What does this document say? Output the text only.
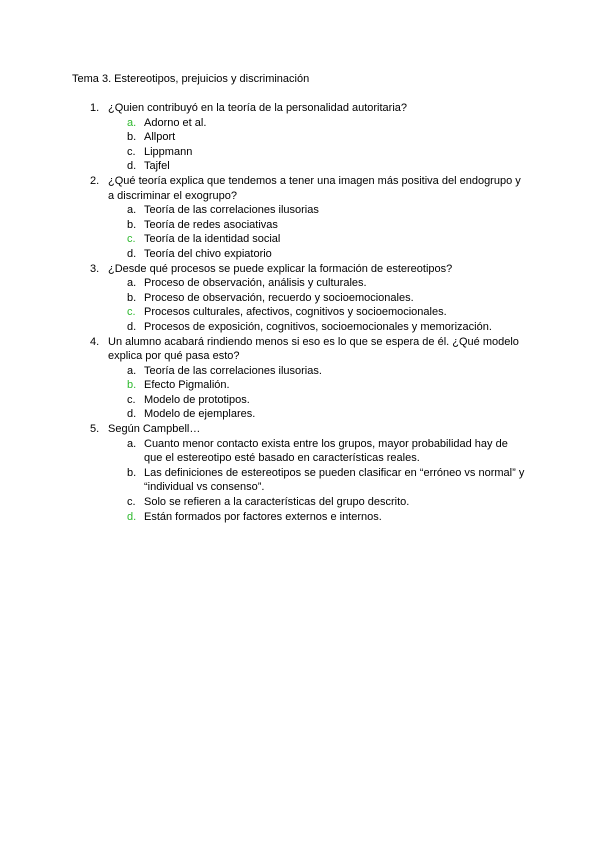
Tema 3. Estereotipos, prejuicios y discriminación
1. ¿Quien contribuyó en la teoría de la personalidad autoritaria?
a. Adorno et al.
b. Allport
c. Lippmann
d. Tajfel
2. ¿Qué teoría explica que tendemos a tener una imagen más positiva del endogrupo y a discriminar el exogrupo?
a. Teoría de las correlaciones ilusorias
b. Teoría de redes asociativas
c. Teoría de la identidad social
d. Teoría del chivo expiatorio
3. ¿Desde qué procesos se puede explicar la formación de estereotipos?
a. Proceso de observación, análisis y culturales.
b. Proceso de observación, recuerdo y socioemocionales.
c. Procesos culturales, afectivos, cognitivos y socioemocionales.
d. Procesos de exposición, cognitivos, socioemocionales y memorización.
4. Un alumno acabará rindiendo menos si eso es lo que se espera de él. ¿Qué modelo explica por qué pasa esto?
a. Teoría de las correlaciones ilusorias.
b. Efecto Pigmalión.
c. Modelo de prototipos.
d. Modelo de ejemplares.
5. Según Campbell…
a. Cuanto menor contacto exista entre los grupos, mayor probabilidad hay de que el estereotipo esté basado en características reales.
b. Las definiciones de estereotipos se pueden clasificar en “erróneo vs normal” y “individual vs consenso”.
c. Solo se refieren a la características del grupo descrito.
d. Están formados por factores externos e internos.
